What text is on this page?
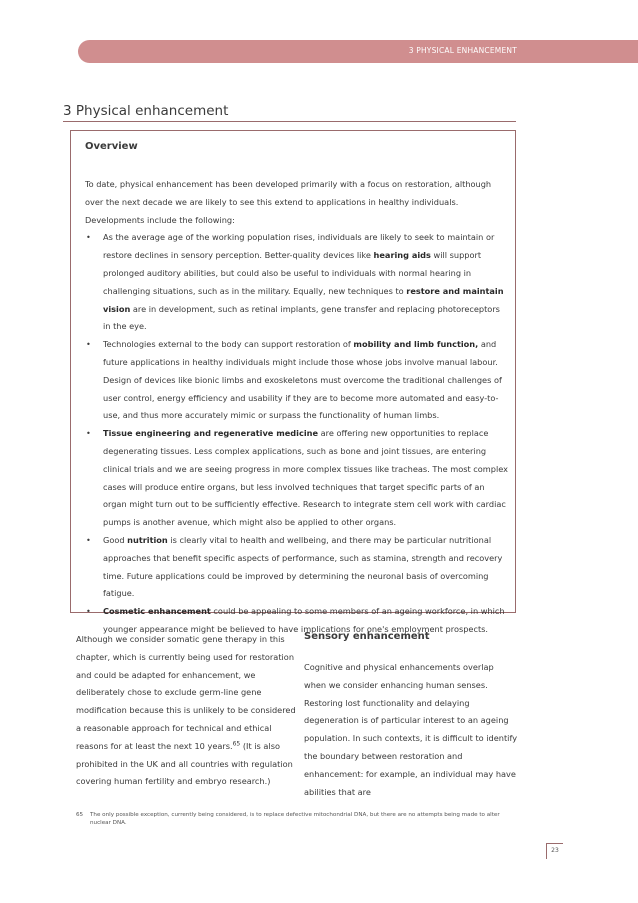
3 PHYSICAL ENHANCEMENT
3 Physical enhancement
Overview

To date, physical enhancement has been developed primarily with a focus on restoration, although over the next decade we are likely to see this extend to applications in healthy individuals. Developments include the following:

• As the average age of the working population rises, individuals are likely to seek to maintain or restore declines in sensory perception. Better-quality devices like hearing aids will support prolonged auditory abilities, but could also be useful to individuals with normal hearing in challenging situations, such as in the military. Equally, new techniques to restore and maintain vision are in development, such as retinal implants, gene transfer and replacing photoreceptors in the eye.
• Technologies external to the body can support restoration of mobility and limb function, and future applications in healthy individuals might include those whose jobs involve manual labour. Design of devices like bionic limbs and exoskeletons must overcome the traditional challenges of user control, energy efficiency and usability if they are to become more automated and easy-to-use, and thus more accurately mimic or surpass the functionality of human limbs.
• Tissue engineering and regenerative medicine are offering new opportunities to replace degenerating tissues. Less complex applications, such as bone and joint tissues, are entering clinical trials and we are seeing progress in more complex tissues like tracheas. The most complex cases will produce entire organs, but less involved techniques that target specific parts of an organ might turn out to be sufficiently effective. Research to integrate stem cell work with cardiac pumps is another avenue, which might also be applied to other organs.
• Good nutrition is clearly vital to health and wellbeing, and there may be particular nutritional approaches that benefit specific aspects of performance, such as stamina, strength and recovery time. Future applications could be improved by determining the neuronal basis of overcoming fatigue.
• Cosmetic enhancement could be appealing to some members of an ageing workforce, in which younger appearance might be believed to have implications for one's employment prospects.
Although we consider somatic gene therapy in this chapter, which is currently being used for restoration and could be adapted for enhancement, we deliberately chose to exclude germ-line gene modification because this is unlikely to be considered a reasonable approach for technical and ethical reasons for at least the next 10 years.$^{65}$ (It is also prohibited in the UK and all countries with regulation covering human fertility and embryo research.)
Sensory enhancement
Cognitive and physical enhancements overlap when we consider enhancing human senses. Restoring lost functionality and delaying degeneration is of particular interest to an ageing population. In such contexts, it is difficult to identify the boundary between restoration and enhancement: for example, an individual may have abilities that are
65 The only possible exception, currently being considered, is to replace defective mitochondrial DNA, but there are no attempts being made to alter nuclear DNA.
23
